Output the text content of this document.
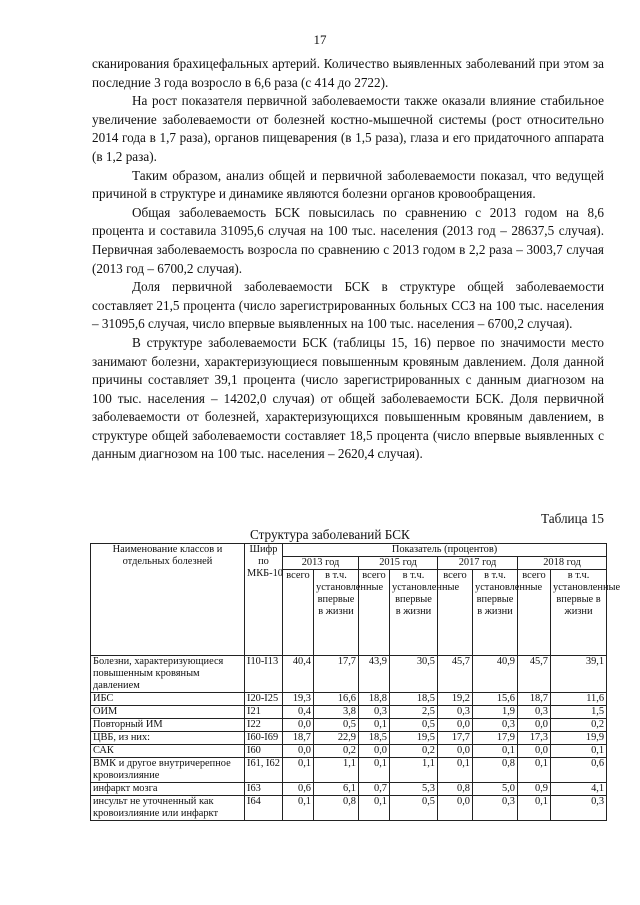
17

сканирования брахицефальных артерий. Количество выявленных заболеваний при этом за последние 3 года возросло в 6,6 раза (с 414 до 2722).

На рост показателя первичной заболеваемости также оказали влияние стабильное увеличение заболеваемости от болезней костно-мышечной системы (рост относительно 2014 года в 1,7 раза), органов пищеварения (в 1,5 раза), глаза и его придаточного аппарата (в 1,2 раза).

Таким образом, анализ общей и первичной заболеваемости показал, что ведущей причиной в структуре и динамике являются болезни органов кровообращения.

Общая заболеваемость БСК повысилась по сравнению с 2013 годом на 8,6 процента и составила 31095,6 случая на 100 тыс. населения (2013 год – 28637,5 случая). Первичная заболеваемость возросла по сравнению с 2013 годом в 2,2 раза – 3003,7 случая (2013 год – 6700,2 случая).

Доля первичной заболеваемости БСК в структуре общей заболеваемости составляет 21,5 процента (число зарегистрированных больных ССЗ на 100 тыс. населения – 31095,6 случая, число впервые выявленных на 100 тыс. населения – 6700,2 случая).

В структуре заболеваемости БСК (таблицы 15, 16) первое по значимости место занимают болезни, характеризующиеся повышенным кровяным давлением. Доля данной причины составляет 39,1 процента (число зарегистрированных с данным диагнозом на 100 тыс. населения – 14202,0 случая) от общей заболеваемости БСК. Доля первичной заболеваемости от болезней, характеризующихся повышенным кровяным давлением, в структуре общей заболеваемости составляет 18,5 процента (число впервые выявленных с данным диагнозом на 100 тыс. населения – 2620,4 случая).

Таблица 15
Структура заболеваний БСК
Наименование классов и отдельных болезней	Шифр по МКБ-10	Показатель (процентов)							
		2013 год		2015 год		2017 год		2018 год	
		всего	в т.ч. установленные впервые в жизни	всего	в т.ч. установленные впервые в жизни	всего	в т.ч. установленные впервые в жизни	всего	в т.ч. установленные впервые в жизни
Болезни, характеризующиеся повышенным кровяным давлением	I10-I13	40,4	17,7	43,9	30,5	45,7	40,9	45,7	39,1
ИБС	I20-I25	19,3	16,6	18,8	18,5	19,2	15,6	18,7	11,6
ОИМ	I21	0,4	3,8	0,3	2,5	0,3	1,9	0,3	1,5
Повторный ИМ	I22	0,0	0,5	0,1	0,5	0,0	0,3	0,0	0,2
ЦВБ, из них:	I60-I69	18,7	22,9	18,5	19,5	17,7	17,9	17,3	19,9
САК	I60	0,0	0,2	0,0	0,2	0,0	0,1	0,0	0,1
ВМК и другое внутричерепное кровоизлияние	I61, I62	0,1	1,1	0,1	1,1	0,1	0,8	0,1	0,6
инфаркт мозга	I63	0,6	6,1	0,7	5,3	0,8	5,0	0,9	4,1
инсульт не уточненный как кровоизлияние или инфаркт	I64	0,1	0,8	0,1	0,5	0,0	0,3	0,1	0,3
